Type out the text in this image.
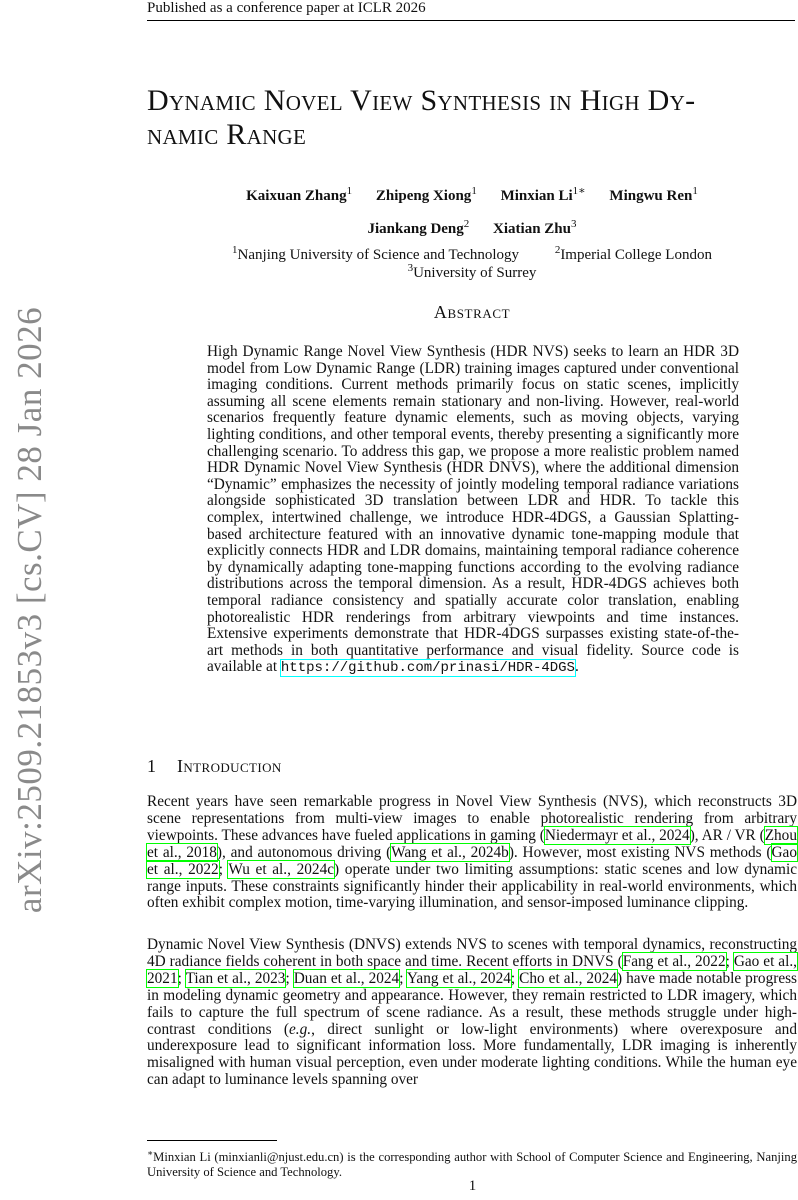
Published as a conference paper at ICLR 2026
arXiv:2509.21853v3 [cs.CV] 28 Jan 2026
Dynamic Novel View Synthesis in High Dy-
namic Range
Kaixuan Zhang$^1$ Zhipeng Xiong$^1$ Minxian $Li^{1∗}$ Mingwu Ren$^1$
Jiankang Deng$^2$ Xiatian Zhu$^3$
$^1$Nanjing University of Science and Technology	$^2$Imperial College London
$^3$University of Surrey
Abstract
High Dynamic Range Novel View Synthesis (HDR NVS) seeks to learn an HDR 3D model from Low Dynamic Range (LDR) training images captured under conventional imaging conditions. Current methods primarily focus on static scenes, implicitly assuming all scene elements remain stationary and non-living. However, real-world scenarios frequently feature dynamic elements, such as moving objects, varying lighting conditions, and other temporal events, thereby presenting a significantly more challenging scenario. To address this gap, we propose a more realistic problem named HDR Dynamic Novel View Synthesis (HDR DNVS), where the additional dimension “Dynamic” emphasizes the necessity of jointly modeling temporal radiance variations alongside sophisticated 3D translation between LDR and HDR. To tackle this complex, intertwined challenge, we introduce HDR-4DGS, a Gaussian Splatting-based architecture featured with an innovative dynamic tone-mapping module that explicitly connects HDR and LDR domains, maintaining temporal radiance coherence by dynamically adapting tone-mapping functions according to the evolving radiance distributions across the temporal dimension. As a result, HDR-4DGS achieves both temporal radiance consistency and spatially accurate color translation, enabling photorealistic HDR renderings from arbitrary viewpoints and time instances. Extensive experiments demonstrate that HDR-4DGS surpasses existing state-of-the-art methods in both quantitative performance and visual fidelity. Source code is available at https://github.com/prinasi/HDR-4DGS.
1 Introduction

Recent years have seen remarkable progress in Novel View Synthesis (NVS), which reconstructs 3D scene representations from multi-view images to enable photorealistic rendering from arbitrary viewpoints. These advances have fueled applications in gaming (Niedermayr et al., 2024), AR / VR (Zhou et al., 2018), and autonomous driving (Wang et al., 2024b). However, most existing NVS methods (Gao et al., 2022; Wu et al., 2024c) operate under two limiting assumptions: static scenes and low dynamic range inputs. These constraints significantly hinder their applicability in real-world environments, which often exhibit complex motion, time-varying illumination, and sensor-imposed luminance clipping.

Dynamic Novel View Synthesis (DNVS) extends NVS to scenes with temporal dynamics, reconstructing 4D radiance fields coherent in both space and time. Recent efforts in DNVS (Fang et al., 2022; Gao et al., 2021; Tian et al., 2023; Duan et al., 2024; Yang et al., 2024; Cho et al., 2024) have made notable progress in modeling dynamic geometry and appearance. However, they remain restricted to LDR imagery, which fails to capture the full spectrum of scene radiance. As a result, these methods struggle under high-contrast conditions (e.g., direct sunlight or low-light environments) where overexposure and underexposure lead to significant information loss. More fundamentally, LDR imaging is inherently misaligned with human visual perception, even under moderate lighting conditions. While the human eye can adapt to luminance levels spanning over

∗Minxian Li (minxianli@njust.edu.cn) is the corresponding author with School of Computer Science and Engineering, Nanjing University of Science and Technology.
1
